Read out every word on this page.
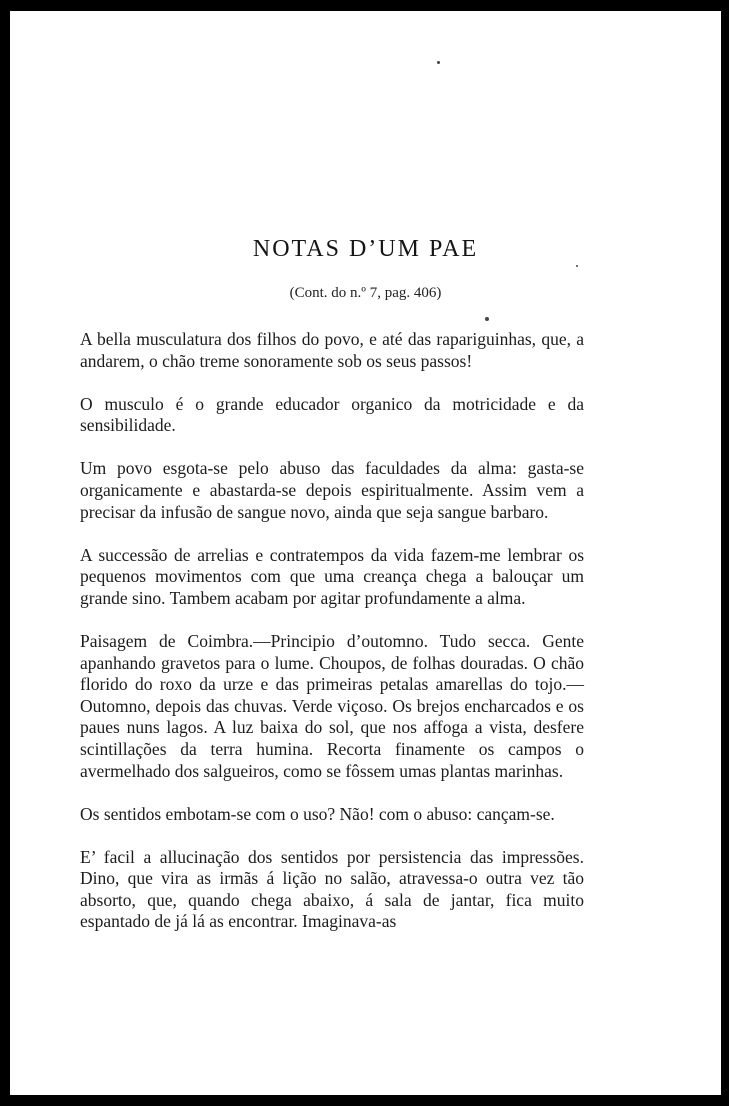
NOTAS D’UM PAE
(Cont. do n.º 7, pag. 406)

A bella musculatura dos filhos do povo, e até das rapariguinhas, que, a andarem, o chão treme sonoramente sob os seus passos!

O musculo é o grande educador organico da motricidade e da sensibilidade.

Um povo esgota-se pelo abuso das faculdades da alma: gasta-se organicamente e abastarda-se depois espiritualmente. Assim vem a precisar da infusão de sangue novo, ainda que seja sangue barbaro.

A successão de arrelias e contratempos da vida fazem-me lembrar os pequenos movimentos com que uma creança chega a balouçar um grande sino. Tambem acabam por agitar profundamente a alma.

Paisagem de Coimbra.—Principio d’outomno. Tudo secca. Gente apanhando gravetos para o lume. Choupos, de folhas douradas. O chão florido do roxo da urze e das primeiras petalas amarellas do tojo.—Outomno, depois das chuvas. Verde viçoso. Os brejos encharcados e os paues nuns lagos. A luz baixa do sol, que nos affoga a vista, desfere scintillações da terra humina. Recorta finamente os campos o avermelhado dos salgueiros, como se fôssem umas plantas marinhas.

Os sentidos embotam-se com o uso? Não! com o abuso: cançam-se.

E’ facil a allucinação dos sentidos por persistencia das impressões. Dino, que vira as irmãs á lição no salão, atravessa-o outra vez tão absorto, que, quando chega abaixo, á sala de jantar, fica muito espantado de já lá as encontrar. Imaginava-as
